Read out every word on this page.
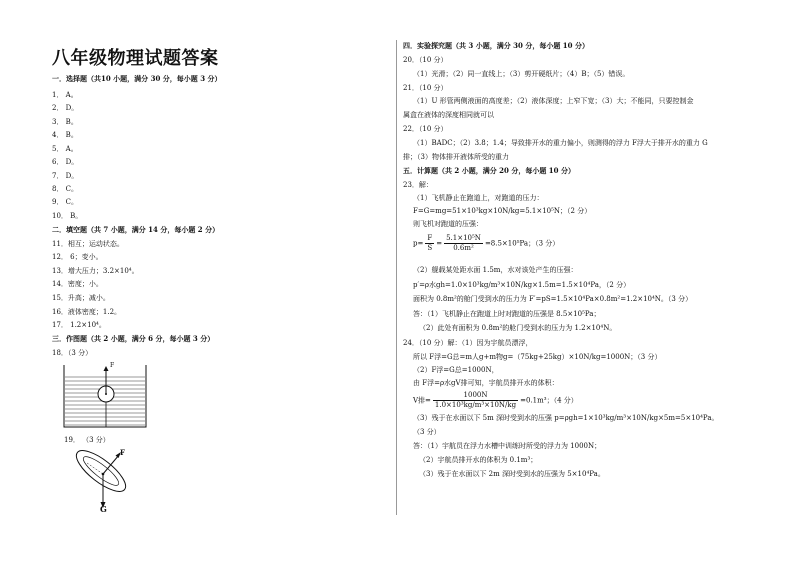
八年级物理试题答案
一．选择题（共10 小题，满分 30 分，每小题 3 分）
1． A。
2． D。
3． B。
4． B。
5． A。
6． D。
7． D。
8． C。
9． C。
10． B。
二．填空题（共 7 小题，满分 14 分，每小题 2 分）
11．相互；运动状态。
12． 6；变小。
13．增大压力；3.2×10⁴。
14．密度；小。
15．升高；减小。
16．液体密度；1.2。
17． 1.2×10⁴。
三．作图题（共 2 小题，满分 6 分，每小题 3 分）
18．（3 分）
F
19． （3 分）
F
G
四．实验探究题（共 3 小题，满分 30 分，每小题 10 分）
20．（10 分）
（1）光滑；（2）同一直线上；（3）剪开硬纸片；（4）B；（5）错误。
21．（10 分）
（1）U 形管两侧液面的高度差；（2）液体深度；上窄下宽；（3）大；不能同，只要控制金
属盒在液体的深度相同就可以
22．（10 分）
（1）BADC；（2）3.8；1.4；导致排开水的重力偏小，则测得的浮力 F浮大于排开水的重力 G
排；（3）物体排开液体所受的重力
五．计算题（共 2 小题，满分 20 分，每小题 10 分）
23．解：
（1）飞机静止在跑道上，对跑道的压力：
F=G=mg=51×10³kg×10N/kg=5.1×10⁵N；（2 分）
则飞机对跑道的压强：
$p= \frac{F}{S} = \frac{\text{5.1×10⁵N}}{\text{0.6m²}} =8.5\times 10^5Pa$；（3 分）
（2）舰载某处距水面 1.5m，水对该处产生的压强：
p′=ρ水gh=1.0×10³kg/m³×10N/kg×1.5m=1.5×10⁴Pa，（2 分）
面积为 0.8m²的舱门受到水的压力为 F′=pS=1.5×10⁴Pa×0.8m²=1.2×10⁴N。（3 分）
答：（1）飞机静止在跑道上时对跑道的压强是 8.5×10⁵Pa；
（2）此处有面积为 0.8m²的舱门受到水的压力为 1.2×10⁴N。
24．（10 分）解：（1）因为宇航员漂浮，
所以 F浮=G总=m人g+m物g=（75kg+25kg）×10N/kg=1000N；（3 分）
（2）F浮=G总=1000N，
由 F浮=ρ水gV排可知，宇航员排开水的体积：
V排= $\frac{1000N}{\text{1.0×10³kg/m³×10N/kg}} =0.1m^3$；（4 分）
（3）残于在水面以下 5m 深时受到水的压强 p=ρgh=1×10³kg/m³×10N/kg×5m=5×10⁴Pa。
（3 分）
答：（1）宇航员在浮力水槽中训练时所受的浮力为 1000N；
（2）宇航员排开水的体积为 0.1m³；
（3）残于在水面以下 2m 深时受到水的压强为 5×10⁴Pa。
